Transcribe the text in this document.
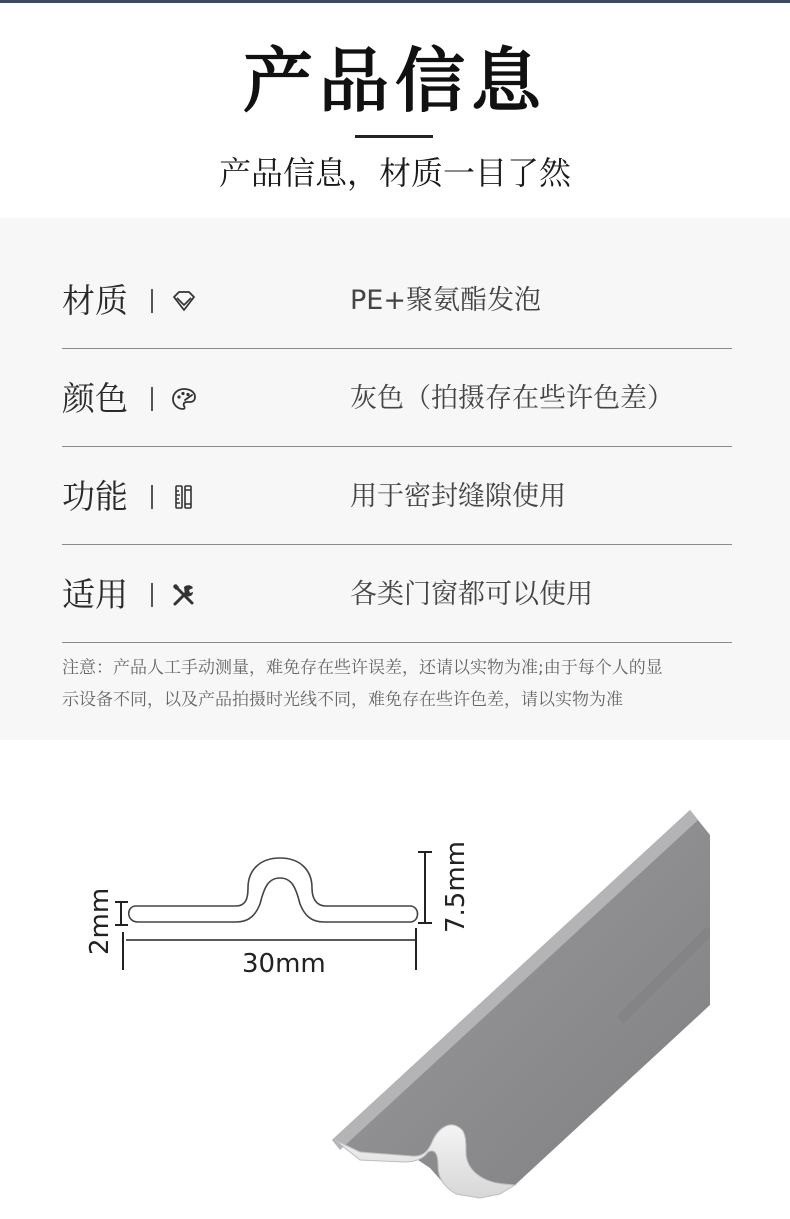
产品信息
产品信息，材质一目了然
材质	PE+聚氨酯发泡
颜色	灰色（拍摄存在些许色差）
功能	用于密封缝隙使用
适用	各类门窗都可以使用
注意：产品人工手动测量，难免存在些许误差，还请以实物为准;由于每个人的显
示设备不同，以及产品拍摄时光线不同，难免存在些许色差，请以实物为准
2mm
30mm
7.5mm
